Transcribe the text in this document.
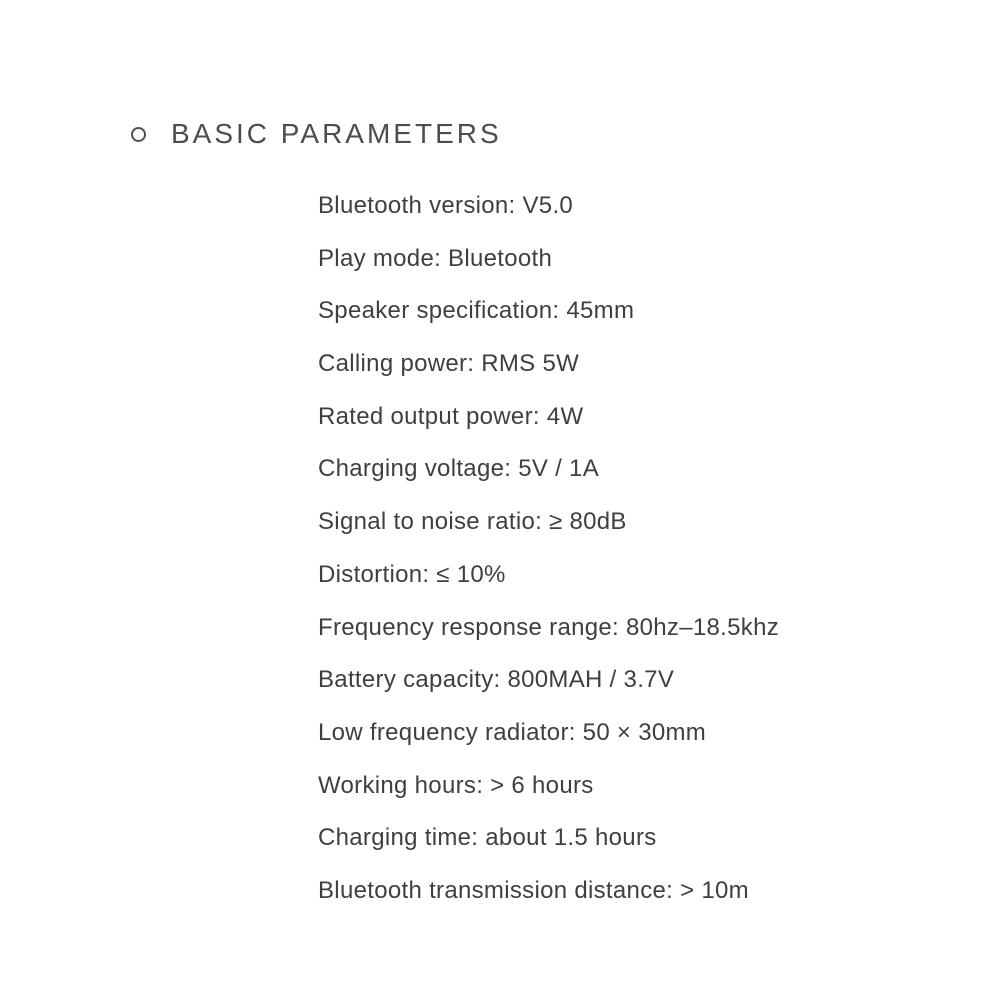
BASIC PARAMETERS
Bluetooth version: V5.0
Play mode: Bluetooth
Speaker specification: 45mm
Calling power: RMS 5W
Rated output power: 4W
Charging voltage: 5V / 1A
Signal to noise ratio: ≥ 80dB
Distortion: ≤ 10%
Frequency response range: 80hz–18.5khz
Battery capacity: 800MAH / 3.7V
Low frequency radiator: 50 × 30mm
Working hours: > 6 hours
Charging time: about 1.5 hours
Bluetooth transmission distance: > 10m
